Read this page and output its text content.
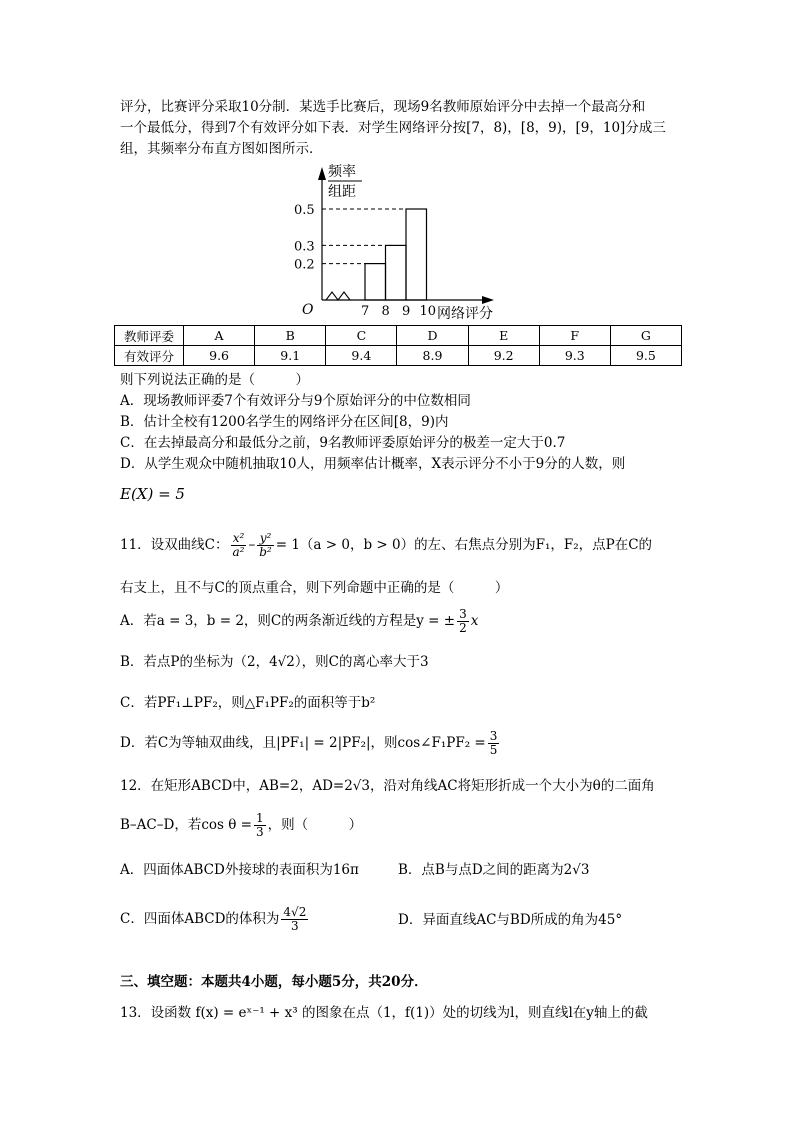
评分，比赛评分采取10分制．某选手比赛后，现场9名教师原始评分中去掉一个最高分和
一个最低分，得到7个有效评分如下表．对学生网络评分按[7，8)，[8，9)，[9，10]分成三
组，其频率分布直方图如图所示．
频率
组距
O	网络评分
0.2
0.3
0.5
7 8 9 10
教师评委	A	B	C	D	E	F	G
有效评分	9.6	9.1	9.4	8.9	9.2	9.3	9.5
则下列说法正确的是（　　　）
A．现场教师评委7个有效评分与9个原始评分的中位数相同
B．估计全校有1200名学生的网络评分在区间[8，9)内
C．在去掉最高分和最低分之前，9名教师评委原始评分的极差一定大于0.7
D．从学生观众中随机抽取10人，用频率估计概率，X表示评分不小于9分的人数，则
E(X) = 5
11．设双曲线C： $\frac{\text{x²}}{\text{a²}} - \frac{\text{y²}}{\text{b²}} = 1(a > 0$，b > 0）的左、右焦点分别为F₁，F₂，点P在C的
右支上，且不与C的顶点重合，则下列命题中正确的是（　　　）
A．若a = 3，b = 2，则C的两条渐近线的方程是y = ± $\frac{3}{2}$ x
B．若点P的坐标为（2，4√2），则C的离心率大于3
C．若PF₁⊥PF₂，则△F₁PF₂的面积等于b²
D．若C为等轴双曲线，且|PF₁| = 2|PF₂|，则cos∠F₁PF₂ = $\frac{3}{5}$
12．在矩形ABCD中，AB=2，AD=2√3，沿对角线AC将矩形折成一个大小为θ的二面角
B–AC–D，若$\cos \theta = \frac{1}{3}$ ，则（　　　）
A．四面体ABCD外接球的表面积为16π	B．点B与点D之间的距离为2√3
C．四面体ABCD的体积为 $\frac{4√2}{3}$	D．异面直线AC与BD所成的角为45°
三、填空题：本题共4小题，每小题5分，共20分．
13．设函数 f(x) = eˣ⁻¹ + x³ 的图象在点（1，f(1)）处的切线为l，则直线l在y轴上的截
